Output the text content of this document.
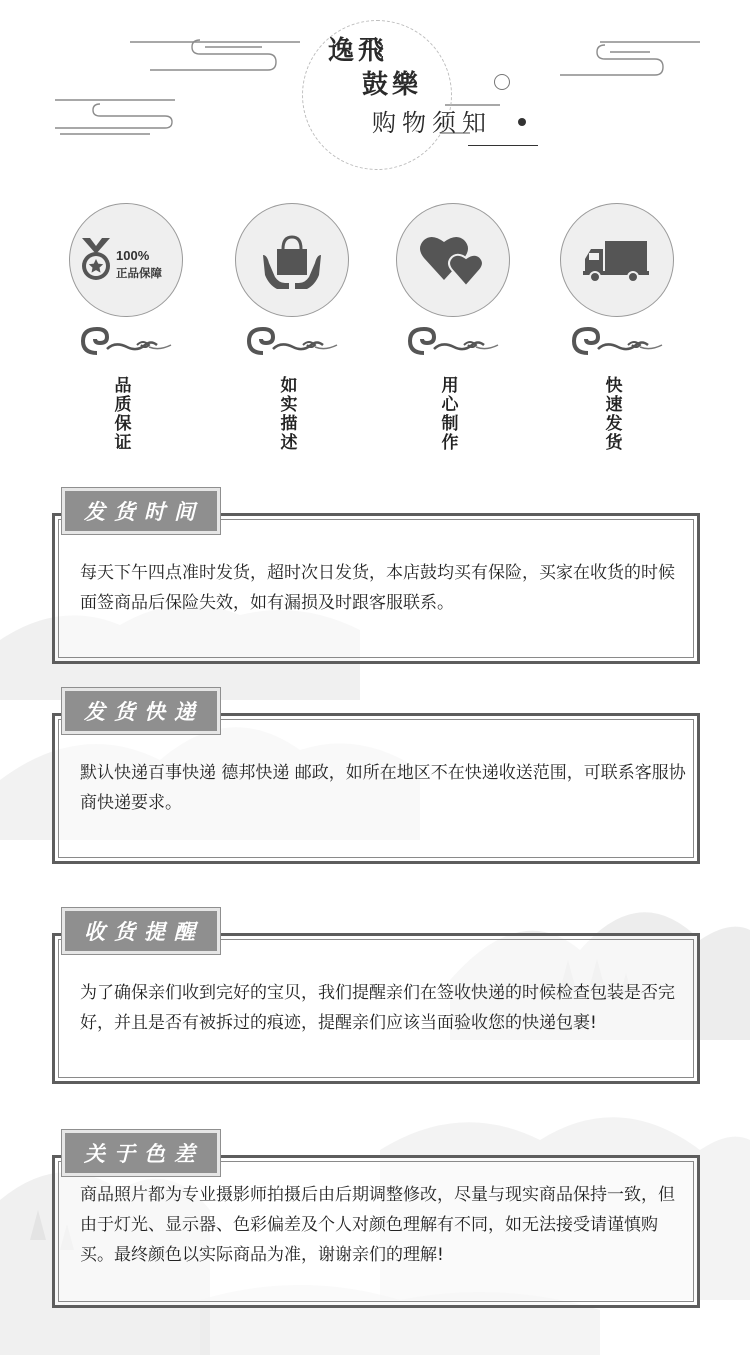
逸飛
鼓樂
购物须知
100%
正品保障
品质保证
如实描述
用心制作
快速发货
发货时间
每天下午四点准时发货，超时次日发货，本店鼓均买有保险，买家在收货的时候面签商品后保险失效，如有漏损及时跟客服联系。
发货快递
默认快递百事快递 德邦快递 邮政，如所在地区不在快递收送范围，可联系客服协商快递要求。
收货提醒
为了确保亲们收到完好的宝贝，我们提醒亲们在签收快递的时候检查包装是否完好，并且是否有被拆过的痕迹，提醒亲们应该当面验收您的快递包裹!
关于色差
商品照片都为专业摄影师拍摄后由后期调整修改，尽量与现实商品保持一致，但由于灯光、显示器、色彩偏差及个人对颜色理解有不同，如无法接受请谨慎购买。最终颜色以实际商品为准，谢谢亲们的理解!
